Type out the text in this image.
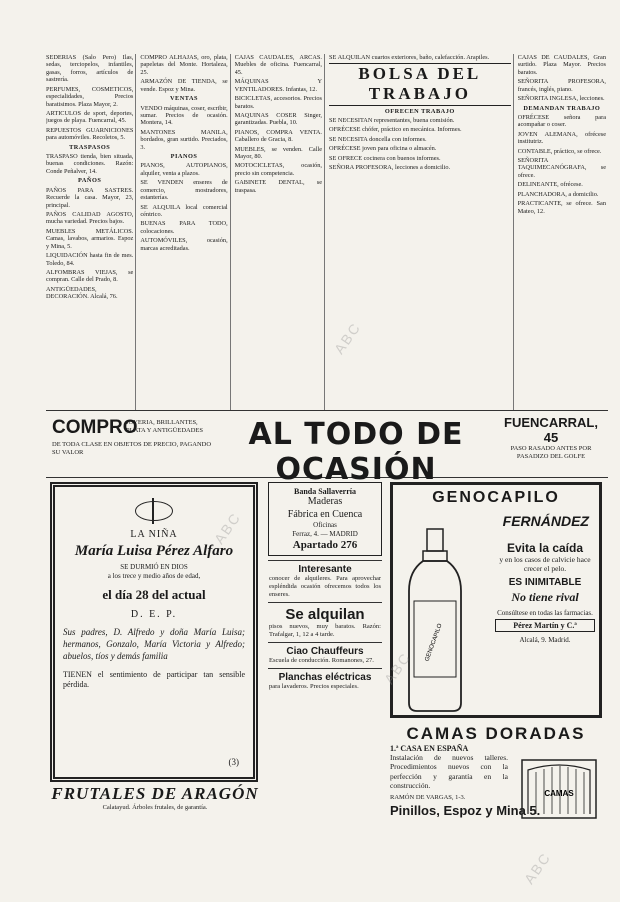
SEDERIAS (Salo Pero) Ilas, sedas, terciopelos, infantiles, gasas, forros, artículos de sastrería.

PERFUMES, COSMETICOS, especialidades, Precios baratisimos. Plaza Mayor, 2.

ARTICULOS de sport, deportes, juegos de playa. Fuencarral, 45.

REPUESTOS GUARNICIONES para automóviles. Recoletos, 5.

TRASPASOS

TRASPASO tienda, bien situada, buenas condiciones. Razón: Conde Peñalver, 14.

PAÑOS

PAÑOS PARA SASTRES. Recuerde la casa. Mayor, 23, principal.

PAÑOS CALIDAD AGOSTO, mucha variedad. Precios bajos.

MUEBLES METÁLICOS. Camas, lavabos, armarios. Espoz y Mina, 5.

LIQUIDACIÓN hasta fin de mes. Toledo, 84.

ALFOMBRAS VIEJAS, se compran. Calle del Prado, 8.

ANTIGÜEDADES, DECORACIÓN. Alcalá, 76.

COMPRO ALHAJAS, oro, plata, papeletas del Monte. Hortaleza, 25.

ARMAZÓN DE TIENDA, se vende. Espoz y Mina.

VENTAS

VENDO máquinas, coser, escribir, sumar. Precios de ocasión. Montera, 14.

MANTONES MANILA, bordados, gran surtido. Preciados, 3.

PIANOS

PIANOS, AUTOPIANOS, alquiler, venta a plazos.

SE VENDEN enseres de comercio, mostradores, estanterías.

SE ALQUILA local comercial céntrico.

BUENAS PARA TODO, colocaciones.

AUTOMÓVILES, ocasión, marcas acreditadas.

CAJAS CAUDALES, ARCAS. Muebles de oficina. Fuencarral, 45.

MÁQUINAS Y VENTILADORES. Infantas, 12.

BICICLETAS, accesorios. Precios baratos.

MAQUINAS COSER Singer, garantizadas. Puebla, 10.

PIANOS, COMPRA VENTA. Caballero de Gracia, 8.

MUEBLES, se venden. Calle Mayor, 80.

MOTOCICLETAS, ocasión, precio sin competencia.

GABINETE DENTAL, se traspasa.

SE ALQUILAN cuartos exteriores, baño, calefacción. Arapiles.

BOLSA DEL TRABAJO

OFRECEN TRABAJO

SE NECESITAN representantes, buena comisión.

OFRÉCESE chófer, práctico en mecánica. Informes.

SE NECESITA doncella con informes.

OFRÉCESE joven para oficina o almacén.

SE OFRECE cocinera con buenos informes.

SEÑORA PROFESORA, lecciones a domicilio.

CAJAS DE CAUDALES, Gran surtido. Plaza Mayor. Precios baratos.

SEÑORITA PROFESORA, francés, inglés, piano.

SEÑORITA INGLESA, lecciones.

DEMANDAN TRABAJO

OFRÉCESE señora para acompañar o coser.

JOVEN ALEMANA, ofrécese institutriz.

CONTABLE, práctico, se ofrece.

SEÑORITA TAQUIMECANÓGRAFA, se ofrece.

DELINEANTE, ofrécese.

PLANCHADORA, a domicilio.

PRACTICANTE, se ofrece. San Mateo, 12.

COMPRO
JOYERIA, BRILLANTES, PLATA Y ANTIGÜEDADES
DE TODA CLASE EN OBJETOS DE PRECIO, PAGANDO SU VALOR
AL TODO DE OCASIÓN
FUENCARRAL, 45
PASO RASADO ANTES POR PASADIZO DEL GOLFE
LA NIÑA
María Luisa Pérez Alfaro
SE DURMIÓ EN DIOS
a los trece y medio años de edad,
el día 28 del actual
D. E. P.
Sus padres, D. Alfredo y doña María Luisa; hermanos, Gonzalo, María Victoria y Alfredo; abuelos, tíos y demás familia
TIENEN el sentimiento de participar tan sensible pérdida.
(3)
FRUTALES DE ARAGÓN
Calatayud. Árboles frutales, de garantía.
Banda Sallaverría
Maderas
Fábrica en Cuenca
Oficinas
Ferraz, 4. — MADRID
Apartado 276
Interesante
conocer de alquileres. Para aprovechar espléndida ocasión ofrecemos todos los enseres.
Se alquilan
pisos nuevos, muy baratos. Razón: Trafalgar, 1, 12 a 4 tarde.
Ciao Chauffeurs
Escuela de conducción. Romanones, 27.
Planchas eléctricas
para lavaderos. Precios especiales.
GENOCAPILO
FERNÁNDEZ
GENOCAPILO
Evita la caída
y en los casos de calvicie hace crecer el pelo.
ES INIMITABLE
No tiene rival
Consúltese en todas las farmacias.
Pérez Martín y C.ª
Alcalá, 9. Madrid.
CAMAS DORADAS
1.ª CASA EN ESPAÑA
Instalación de nuevos talleres. Procedimientos nuevos con la perfección y garantía en la construcción.
CAMAS
RAMÓN DE VARGAS, 1-3.
Pinillos, Espoz y Mina 5.
ABC
ABC
ABC
ABC
